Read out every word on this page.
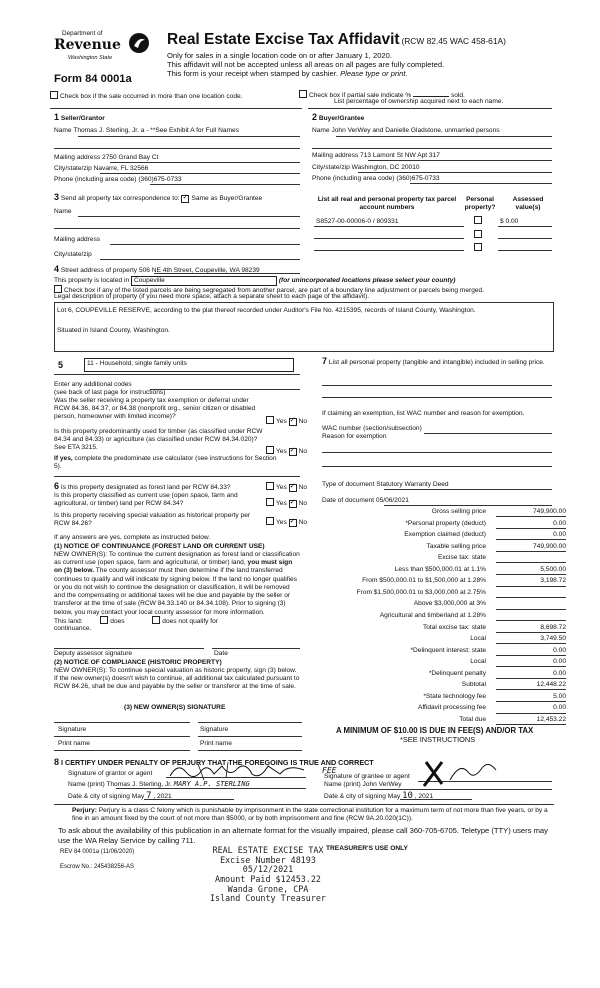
Department of
Revenue
Washington State
Form 84 0001a
Real Estate Excise Tax Affidavit (RCW 82.45 WAC 458-61A)
Only for sales in a single location code on or after January 1, 2020.
This affidavit will not be accepted unless all areas on all pages are fully completed.
This form is your receipt when stamped by cashier. Please type or print.
Check box if the sale occurred in more than one location code.	Check box if partial sale indicate %	sold.
List percentage of ownership acquired next to each name.
1 Seller/Grantor
Name Thomas J. Sterling, Jr. a - **See Exhibit A for Full Names
Mailing address 2750 Grand Bay Ct
City/state/zip Navarre, FL 32566
Phone (including area code) (360)675-0733
2 Buyer/Grantee
Name John VerWey and Danielle Gladstone, unmarried persons
Mailing address 713 Lamont St NW Apt 317
City/state/zip Washington, DC 20010
Phone (including area code) (360)675-0733
3 Send all property tax correspondence to: ✓ Same as Buyer/Grantee
Name
Mailing address
City/state/zip
List all real and personal property tax parcel account numbers
Personal property?
Assessed value(s)
S8527-00-00006-0 / 809331	$ 0.00
4 Street address of property 506 NE 4th Street, Coupeville, WA 98239
This property is located in Coupeville	(for unincorporated locations please select your county)
Check box if any of the listed parcels are being segregated from another parcel, are part of a boundary line adjustment or parcels being merged.
Legal description of property (if you need more space, attach a separate sheet to each page of the affidavit).
Lot 6, COUPEVILLE RESERVE, according to the plat thereof recorded under Auditor's File No. 4215395, records of Island County, Washington.
Situated in Island County, Washington.
5	11 - Household, single family units
Enter any additional codes
(see back of last page for instructions)
Was the seller receiving a property tax exemption or deferral under RCW 84.36, 84.37, or 84.38 (nonprofit org., senior citizen or disabled person, homeowner with limited income)?
Yes ✓ No
Is this property predominantly used for timber (as classified under RCW 84.34 and 84.33) or agriculture (as classified under RCW 84.34.020)? See ETA 3215.
Yes ✓ No
If yes, complete the predominate use calculator (see instructions for Section 5).
7 List all personal property (tangible and intangible) included in selling price.
If claiming an exemption, list WAC number and reason for exemption.
WAC number (section/subsection)
Reason for exemption
6 Is this property designated as forest land per RCW 84.33?	Yes ✓ No
Is this property classified as current use (open space, farm and agricultural, or timber) land per RCW 84.34?	Yes ✓ No
Is this property receiving special valuation as historical property per RCW 84.26?	Yes ✓ No
If any answers are yes, complete as instructed below.
(1) NOTICE OF CONTINUANCE (FOREST LAND OR CURRENT USE)
NEW OWNER(S): To continue the current designation as forest land or classification as current use (open space, farm and agricultural, or timber) land, you must sign on (3) below. The county assessor must then determine if the land transferred continues to qualify and will indicate by signing below. If the land no longer qualifies or you do not wish to continue the designation or classification, it will be removed and the compensating or additional taxes will be due and payable by the seller or transferor at the time of sale (RCW 84.33.140 or 84.34.108). Prior to signing (3) below, you may contact your local county assessor for more information.
This land:	does	does not qualify for
continuance.
Deputy assessor signature	Date
(2) NOTICE OF COMPLIANCE (HISTORIC PROPERTY)
NEW OWNER(S): To continue special valuation as historic property, sign (3) below. If the new owner(s) doesn't wish to continue, all additional tax calculated pursuant to RCW 84.26, shall be due and payable by the seller or transferor at the time of sale.
(3) NEW OWNER(S) SIGNATURE
Signature	Signature
Print name	Print name
Type of document Statutory Warranty Deed
Date of document 05/06/2021
Gross selling price	749,900.00
*Personal property (deduct)	0.00
Exemption claimed (deduct)	0.00
Taxable selling price	749,900.00
Excise tax: state

Less than $500,000.01 at 1.1%	5,500.00
From $500,000.01 to $1,500,000 at 1.28%	3,198.72
From $1,500,000.01 to $3,000,000 at 2.75%

Above $3,000,000 at 3%

Agricultural and timberland at 1.28%

Total excise tax: state	8,698.72
Local	3,749.50
*Delinquent interest: state	0.00
Local	0.00
*Delinquent penalty	0.00
Subtotal	12,448.22
*State technology fee	5.00
Affidavit processing fee	0.00
Total due	12,453.22
A MINIMUM OF $10.00 IS DUE IN FEE(S) AND/OR TAX
*SEE INSTRUCTIONS
8 I CERTIFY UNDER PENALTY OF PERJURY THAT THE FOREGOING IS TRUE AND CORRECT
Signature of grantor or agent
Name (print) Thomas J. Sterling, Jr. MARY A.P. STERLING
Date & city of signing May 7 , 2021
FEE
Signature of grantee or agent
Name (print) John VerWey
Date & city of signing May 10 , 2021
Perjury: Perjury is a class C felony which is punishable by imprisonment in the state correctional institution for a maximum term of not more than five years, or by a fine in an amount fixed by the court of not more than $5000, or by both imprisonment and fine (RCW 9A.20.020(1C)).
To ask about the availability of this publication in an alternate format for the visually impaired, please call 360-705-6705. Teletype (TTY) users may use the WA Relay Service by calling 711.
REV 84 0001a (11/06/2020)
Escrow No.: 245438256-AS
TREASURER'S USE ONLY
REAL ESTATE EXCISE TAX
Excise Number 48193
05/12/2021
Amount Paid $12453.22
Wanda Grone, CPA
Island County Treasurer
